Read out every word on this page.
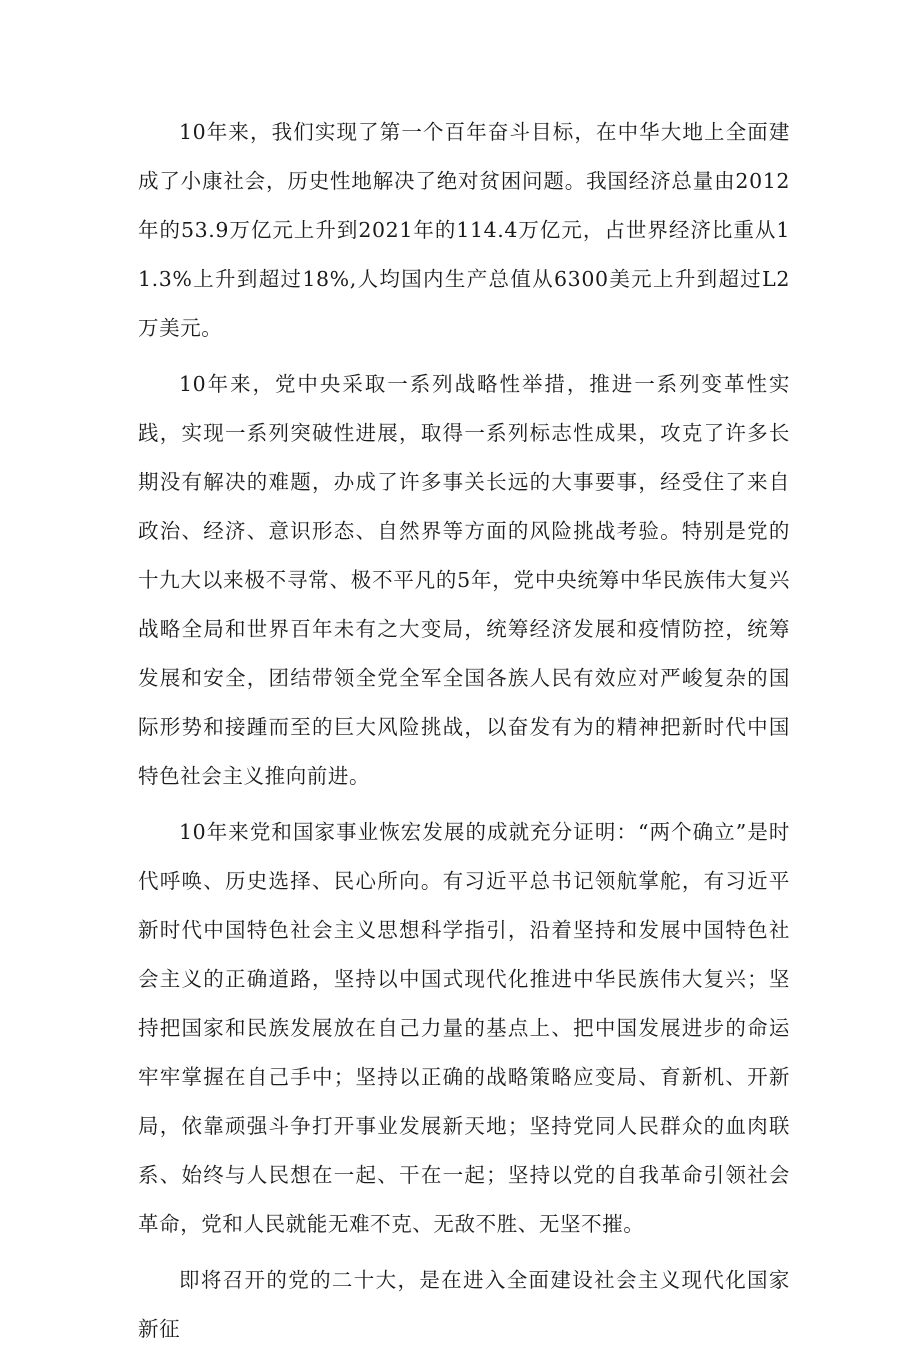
10年来，我们实现了第一个百年奋斗目标，在中华大地上全面建成了小康社会，历史性地解决了绝对贫困问题。我国经济总量由2012年的53.9万亿元上升到2021年的114.4万亿元，占世界经济比重从11.3%上升到超过18%,人均国内生产总值从6300美元上升到超过L2万美元。

10年来，党中央采取一系列战略性举措，推进一系列变革性实践，实现一系列突破性进展，取得一系列标志性成果，攻克了许多长期没有解决的难题，办成了许多事关长远的大事要事，经受住了来自政治、经济、意识形态、自然界等方面的风险挑战考验。特别是党的十九大以来极不寻常、极不平凡的5年，党中央统筹中华民族伟大复兴战略全局和世界百年未有之大变局，统筹经济发展和疫情防控，统筹发展和安全，团结带领全党全军全国各族人民有效应对严峻复杂的国际形势和接踵而至的巨大风险挑战，以奋发有为的精神把新时代中国特色社会主义推向前进。

10年来党和国家事业恢宏发展的成就充分证明：“两个确立”是时代呼唤、历史选择、民心所向。有习近平总书记领航掌舵，有习近平新时代中国特色社会主义思想科学指引，沿着坚持和发展中国特色社会主义的正确道路，坚持以中国式现代化推进中华民族伟大复兴；坚持把国家和民族发展放在自己力量的基点上、把中国发展进步的命运牢牢掌握在自己手中；坚持以正确的战略策略应变局、育新机、开新局，依靠顽强斗争打开事业发展新天地；坚持党同人民群众的血肉联系、始终与人民想在一起、干在一起；坚持以党的自我革命引领社会革命，党和人民就能无难不克、无敌不胜、无坚不摧。

即将召开的党的二十大，是在进入全面建设社会主义现代化国家新征
